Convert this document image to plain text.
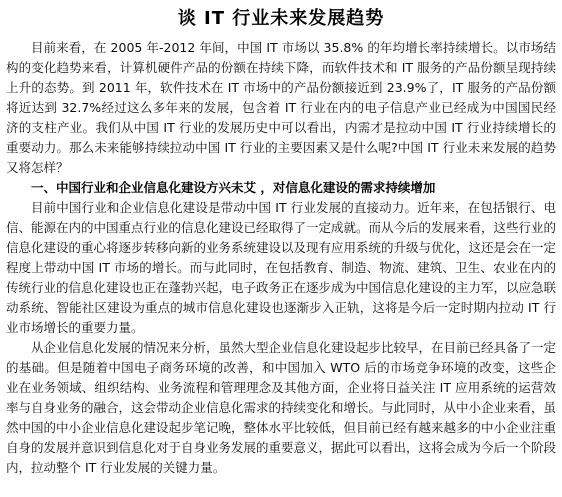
谈 IT 行业未来发展趋势

目前来看，在 2005 年-2012 年间，中国 IT 市场以 35.8% 的年均增长率持续增长。以市场结构的变化趋势来看，计算机硬件产品的份额在持续下降，而软件技术和 IT 服务的产品份额呈现持续上升的态势。到 2011 年，软件技术在 IT 市场中的产品份额接近到 23.9%了，IT 服务的产品份额将近达到 32.7%经过这么多年来的发展，包含着 IT 行业在内的电子信息产业已经成为中国国民经济的支柱产业。我们从中国 IT 行业的发展历史中可以看出，内需才是拉动中国 IT 行业持续增长的重要动力。那么未来能够持续拉动中国 IT 行业的主要因素又是什么呢?中国 IT 行业未来发展的趋势又将怎样？

一、中国行业和企业信息化建设方兴未艾 ，对信息化建设的需求持续增加

目前中国行业和企业信息化建设是带动中国 IT 行业发展的直接动力。近年来，在包括银行、电信、能源在内的中国重点行业的信息化建设已经取得了一定成就。而从今后的发展来看，这些行业的信息化建设的重心将逐步转移向新的业务系统建设以及现有应用系统的升级与优化，这还是会在一定程度上带动中国 IT 市场的增长。而与此同时，在包括教育、制造、物流、建筑、卫生、农业在内的传统行业的信息化建设也正在蓬勃兴起，电子政务正在逐步成为中国信息化建设的主力军，以应急联动系统、智能社区建设为重点的城市信息化建设也逐渐步入正轨，这将是今后一定时期内拉动 IT 行业市场增长的重要力量。

从企业信息化发展的情况来分析，虽然大型企业信息化建设起步比较早，在目前已经具备了一定的基础。但是随着中国电子商务环境的改善，和中国加入 WTO 后的市场竞争环境的改变，这些企业在业务领域、组织结构、业务流程和管理理念及其他方面，企业将日益关注 IT 应用系统的运营效率与自身业务的融合，这会带动企业信息化需求的持续变化和增长。与此同时，从中小企业来看，虽然中国的中小企业信息化建设起步笔记晚，整体水平比较低，但目前已经有越来越多的中小企业注重自身的发展并意识到信息化对于自身业务发展的重要意义，据此可以看出，这将会成为今后一个阶段内，拉动整个 IT 行业发展的关键力量。
